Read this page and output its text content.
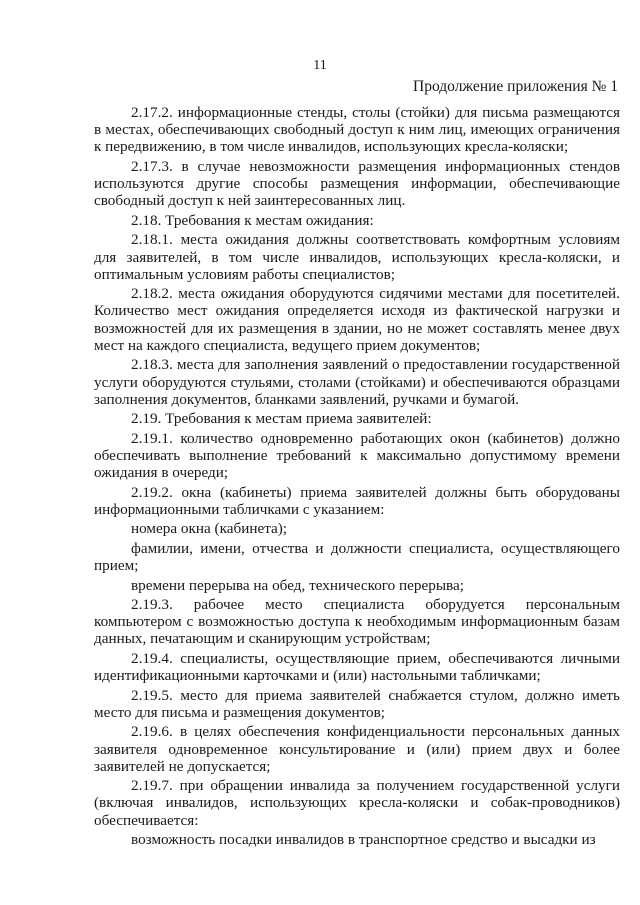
11
Продолжение приложения № 1

2.17.2. информационные стенды, столы (стойки) для письма размещаются в местах, обеспечивающих свободный доступ к ним лиц, имеющих ограничения к передвижению, в том числе инвалидов, использующих кресла-коляски;

2.17.3. в случае невозможности размещения информационных стендов используются другие способы размещения информации, обеспечивающие свободный доступ к ней заинтересованных лиц.

2.18. Требования к местам ожидания:

2.18.1. места ожидания должны соответствовать комфортным условиям для заявителей, в том числе инвалидов, использующих кресла-коляски, и оптимальным условиям работы специалистов;

2.18.2. места ожидания оборудуются сидячими местами для посетителей. Количество мест ожидания определяется исходя из фактической нагрузки и возможностей для их размещения в здании, но не может составлять менее двух мест на каждого специалиста, ведущего прием документов;

2.18.3. места для заполнения заявлений о предоставлении государственной услуги оборудуются стульями, столами (стойками) и обеспечиваются образцами заполнения документов, бланками заявлений, ручками и бумагой.

2.19. Требования к местам приема заявителей:

2.19.1. количество одновременно работающих окон (кабинетов) должно обеспечивать выполнение требований к максимально допустимому времени ожидания в очереди;

2.19.2. окна (кабинеты) приема заявителей должны быть оборудованы информационными табличками с указанием:

номера окна (кабинета);

фамилии, имени, отчества и должности специалиста, осуществляющего прием;

времени перерыва на обед, технического перерыва;

2.19.3. рабочее место специалиста оборудуется персональным компьютером с возможностью доступа к необходимым информационным базам данных, печатающим и сканирующим устройствам;

2.19.4. специалисты, осуществляющие прием, обеспечиваются личными идентификационными карточками и (или) настольными табличками;

2.19.5. место для приема заявителей снабжается стулом, должно иметь место для письма и размещения документов;

2.19.6. в целях обеспечения конфиденциальности персональных данных заявителя одновременное консультирование и (или) прием двух и более заявителей не допускается;

2.19.7. при обращении инвалида за получением государственной услуги (включая инвалидов, использующих кресла-коляски и собак-проводников) обеспечивается:

возможность посадки инвалидов в транспортное средство и высадки из
